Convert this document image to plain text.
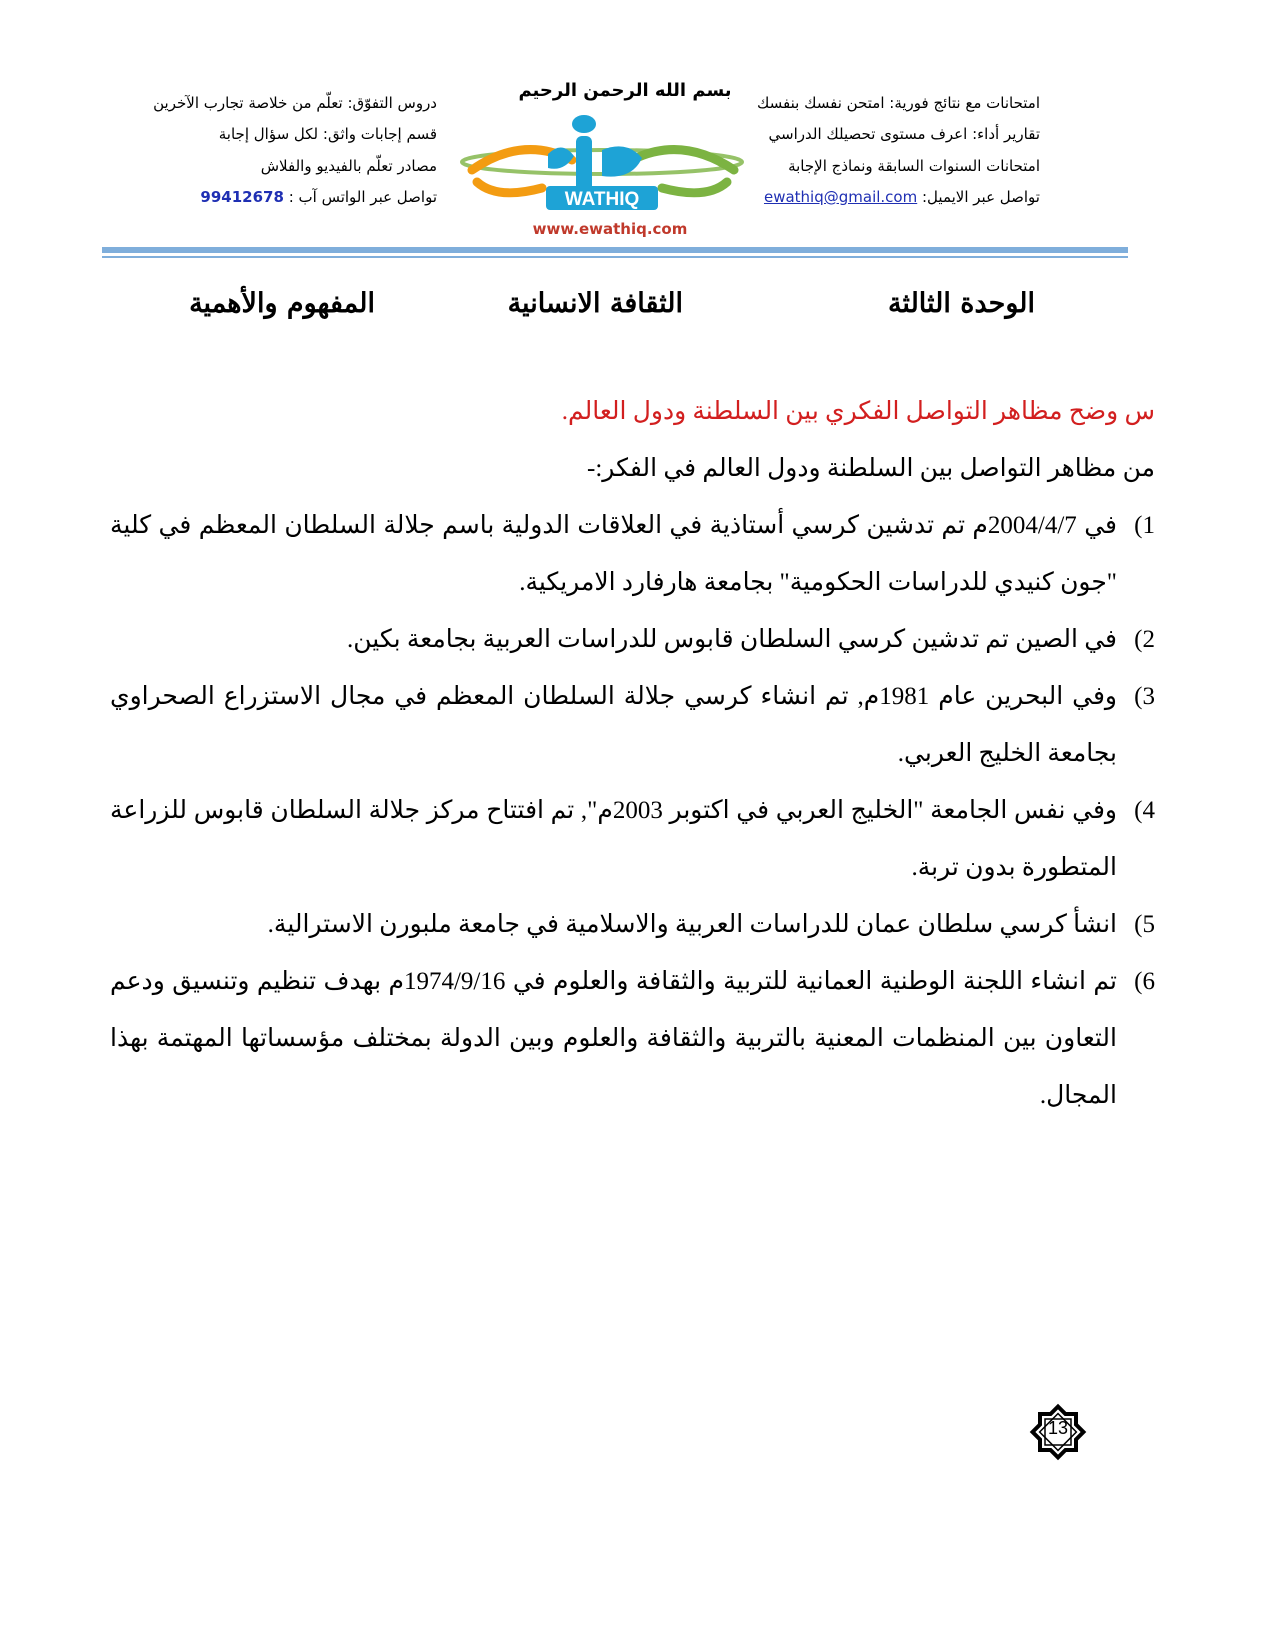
بسم الله الرحمن الرحيم
امتحانات مع نتائج فورية: امتحن نفسك بنفسك
تقارير أداء: اعرف مستوى تحصيلك الدراسي
امتحانات السنوات السابقة ونماذج الإجابة
تواصل عبر الايميل: ewathiq@gmail.com
دروس التفوّق: تعلّم من خلاصة تجارب الآخرين
قسم إجابات واثق: لكل سؤال إجابة
مصادر تعلّم بالفيديو والفلاش
تواصل عبر الواتس آب : 99412678	WATHIQ
www.ewathiq.com
الوحدة الثالثة
الثقافة الانسانية
المفهوم والأهمية

س وضح مظاهر التواصل الفكري بين السلطنة ودول العالم.

من مظاهر التواصل بين السلطنة ودول العالم في الفكر:-

1)
في 2004/4/7م تم تدشين كرسي أستاذية في العلاقات الدولية باسم جلالة السلطان المعظم في كلية "جون كنيدي للدراسات الحكومية" بجامعة هارفارد الامريكية.
2)
في الصين تم تدشين كرسي السلطان قابوس للدراسات العربية بجامعة بكين.
3)
وفي البحرين عام 1981م, تم انشاء كرسي جلالة السلطان المعظم في مجال الاستزراع الصحراوي بجامعة الخليج العربي.
4)
وفي نفس الجامعة "الخليج العربي في اكتوبر 2003م", تم افتتاح مركز جلالة السلطان قابوس للزراعة المتطورة بدون تربة.
5)
انشأ كرسي سلطان عمان للدراسات العربية والاسلامية في جامعة ملبورن الاسترالية.
6)
تم انشاء اللجنة الوطنية العمانية للتربية والثقافة والعلوم في 1974/9/16م بهدف تنظيم وتنسيق ودعم التعاون بين المنظمات المعنية بالتربية والثقافة والعلوم وبين الدولة بمختلف مؤسساتها المهتمة بهذا المجال.
13
